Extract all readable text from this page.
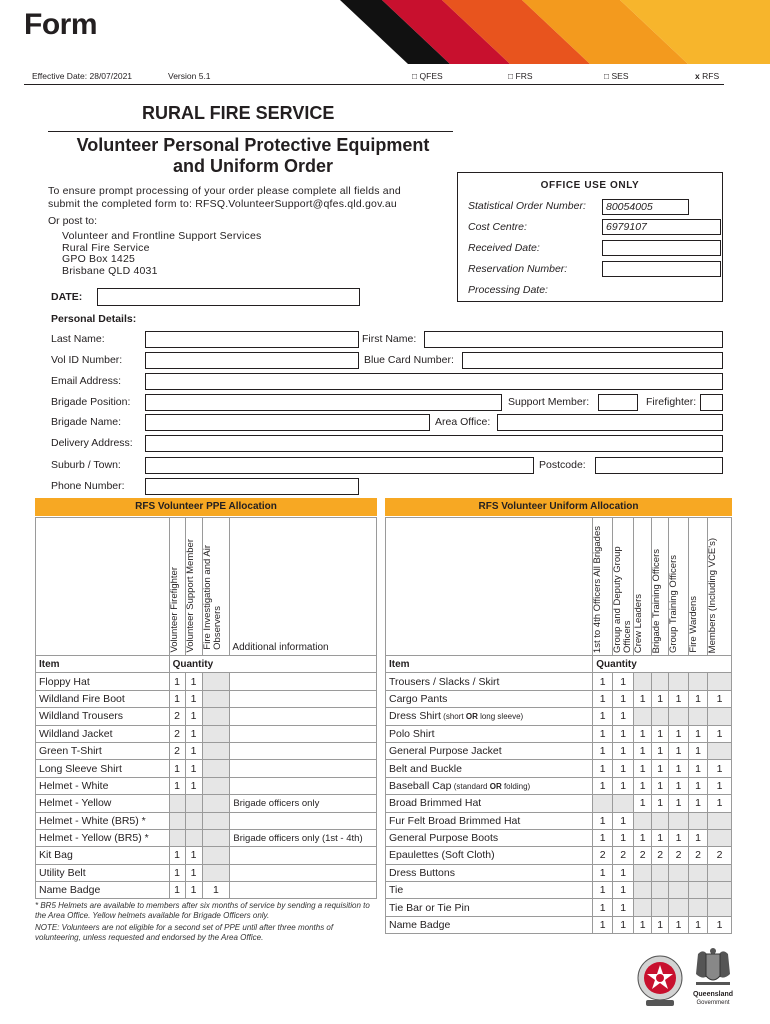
Form
Effective Date: 28/07/2021	Version 5.1	□ QFES	□ FRS	□ SES	x RFS
RURAL FIRE SERVICE
Volunteer Personal Protective Equipment
and Uniform Order
To ensure prompt processing of your order please complete all fields and
submit the completed form to: RFSQ.VolunteerSupport@qfes.qld.gov.au
Or post to:
Volunteer and Frontline Support Services
Rural Fire Service
GPO Box 1425
Brisbane QLD 4031
OFFICE USE ONLY
Statistical Order Number:	80054005
Cost Centre:	6979107
Received Date:
Reservation Number:
Processing Date:
DATE:
Personal Details:
Last Name:	First Name:
Vol ID Number:	Blue Card Number:
Email Address:
Brigade Position:	Support Member:	Firefighter:
Brigade Name:	Area Office:
Delivery Address:
Suburb / Town:	Postcode:
Phone Number:
RFS Volunteer PPE Allocation	RFS Volunteer Uniform Allocation

	Volunteer Firefighter	Volunteer Support Member	Fire Investigation and AirObservers	Additional information
Item	Quantity			
Floppy Hat	1	1		
Wildland Fire Boot	1	1		
Wildland Trousers	2	1		
Wildland Jacket	2	1		
Green T-Shirt	2	1		
Long Sleeve Shirt	1	1		
Helmet - White	1	1		
Helmet - Yellow				Brigade officers only
Helmet - White (BR5) *				
Helmet - Yellow (BR5) *				Brigade officers only (1st - 4th)
Kit Bag	1	1		
Utility Belt	1	1		
Name Badge	1	1	1	
* BR5 Helmets are available to members after six months of service by sending a requisition to the Area Office. Yellow helmets available for Brigade Officers only.
NOTE: Volunteers are not eligible for a second set of PPE until after three months of volunteering, unless requested and endorsed by the Area Office.

	1st to 4th Officers All Brigades	Group and Deputy Group Officers	Crew Leaders	Brigade Training Officers	Group Training Officers	Fire Wardens	Members (Including VCE's)

Item	Quantity						
Trousers / Slacks / Skirt	1	1					
Cargo Pants	1	1	1	1	1	1	1
Dress Shirt (short OR long sleeve)	1	1					
Polo Shirt	1	1	1	1	1	1	1
General Purpose Jacket	1	1	1	1	1	1	
Belt and Buckle	1	1	1	1	1	1	1
Baseball Cap (standard OR folding)	1	1	1	1	1	1	1
Broad Brimmed Hat			1	1	1	1	1
Fur Felt Broad Brimmed Hat	1	1					
General Purpose Boots	1	1	1	1	1	1	
Epaulettes (Soft Cloth)	2	2	2	2	2	2	2
Dress Buttons	1	1					
Tie	1	1					
Tie Bar or Tie Pin	1	1					
Name Badge	1	1	1	1	1	1	1
Queensland
Government
